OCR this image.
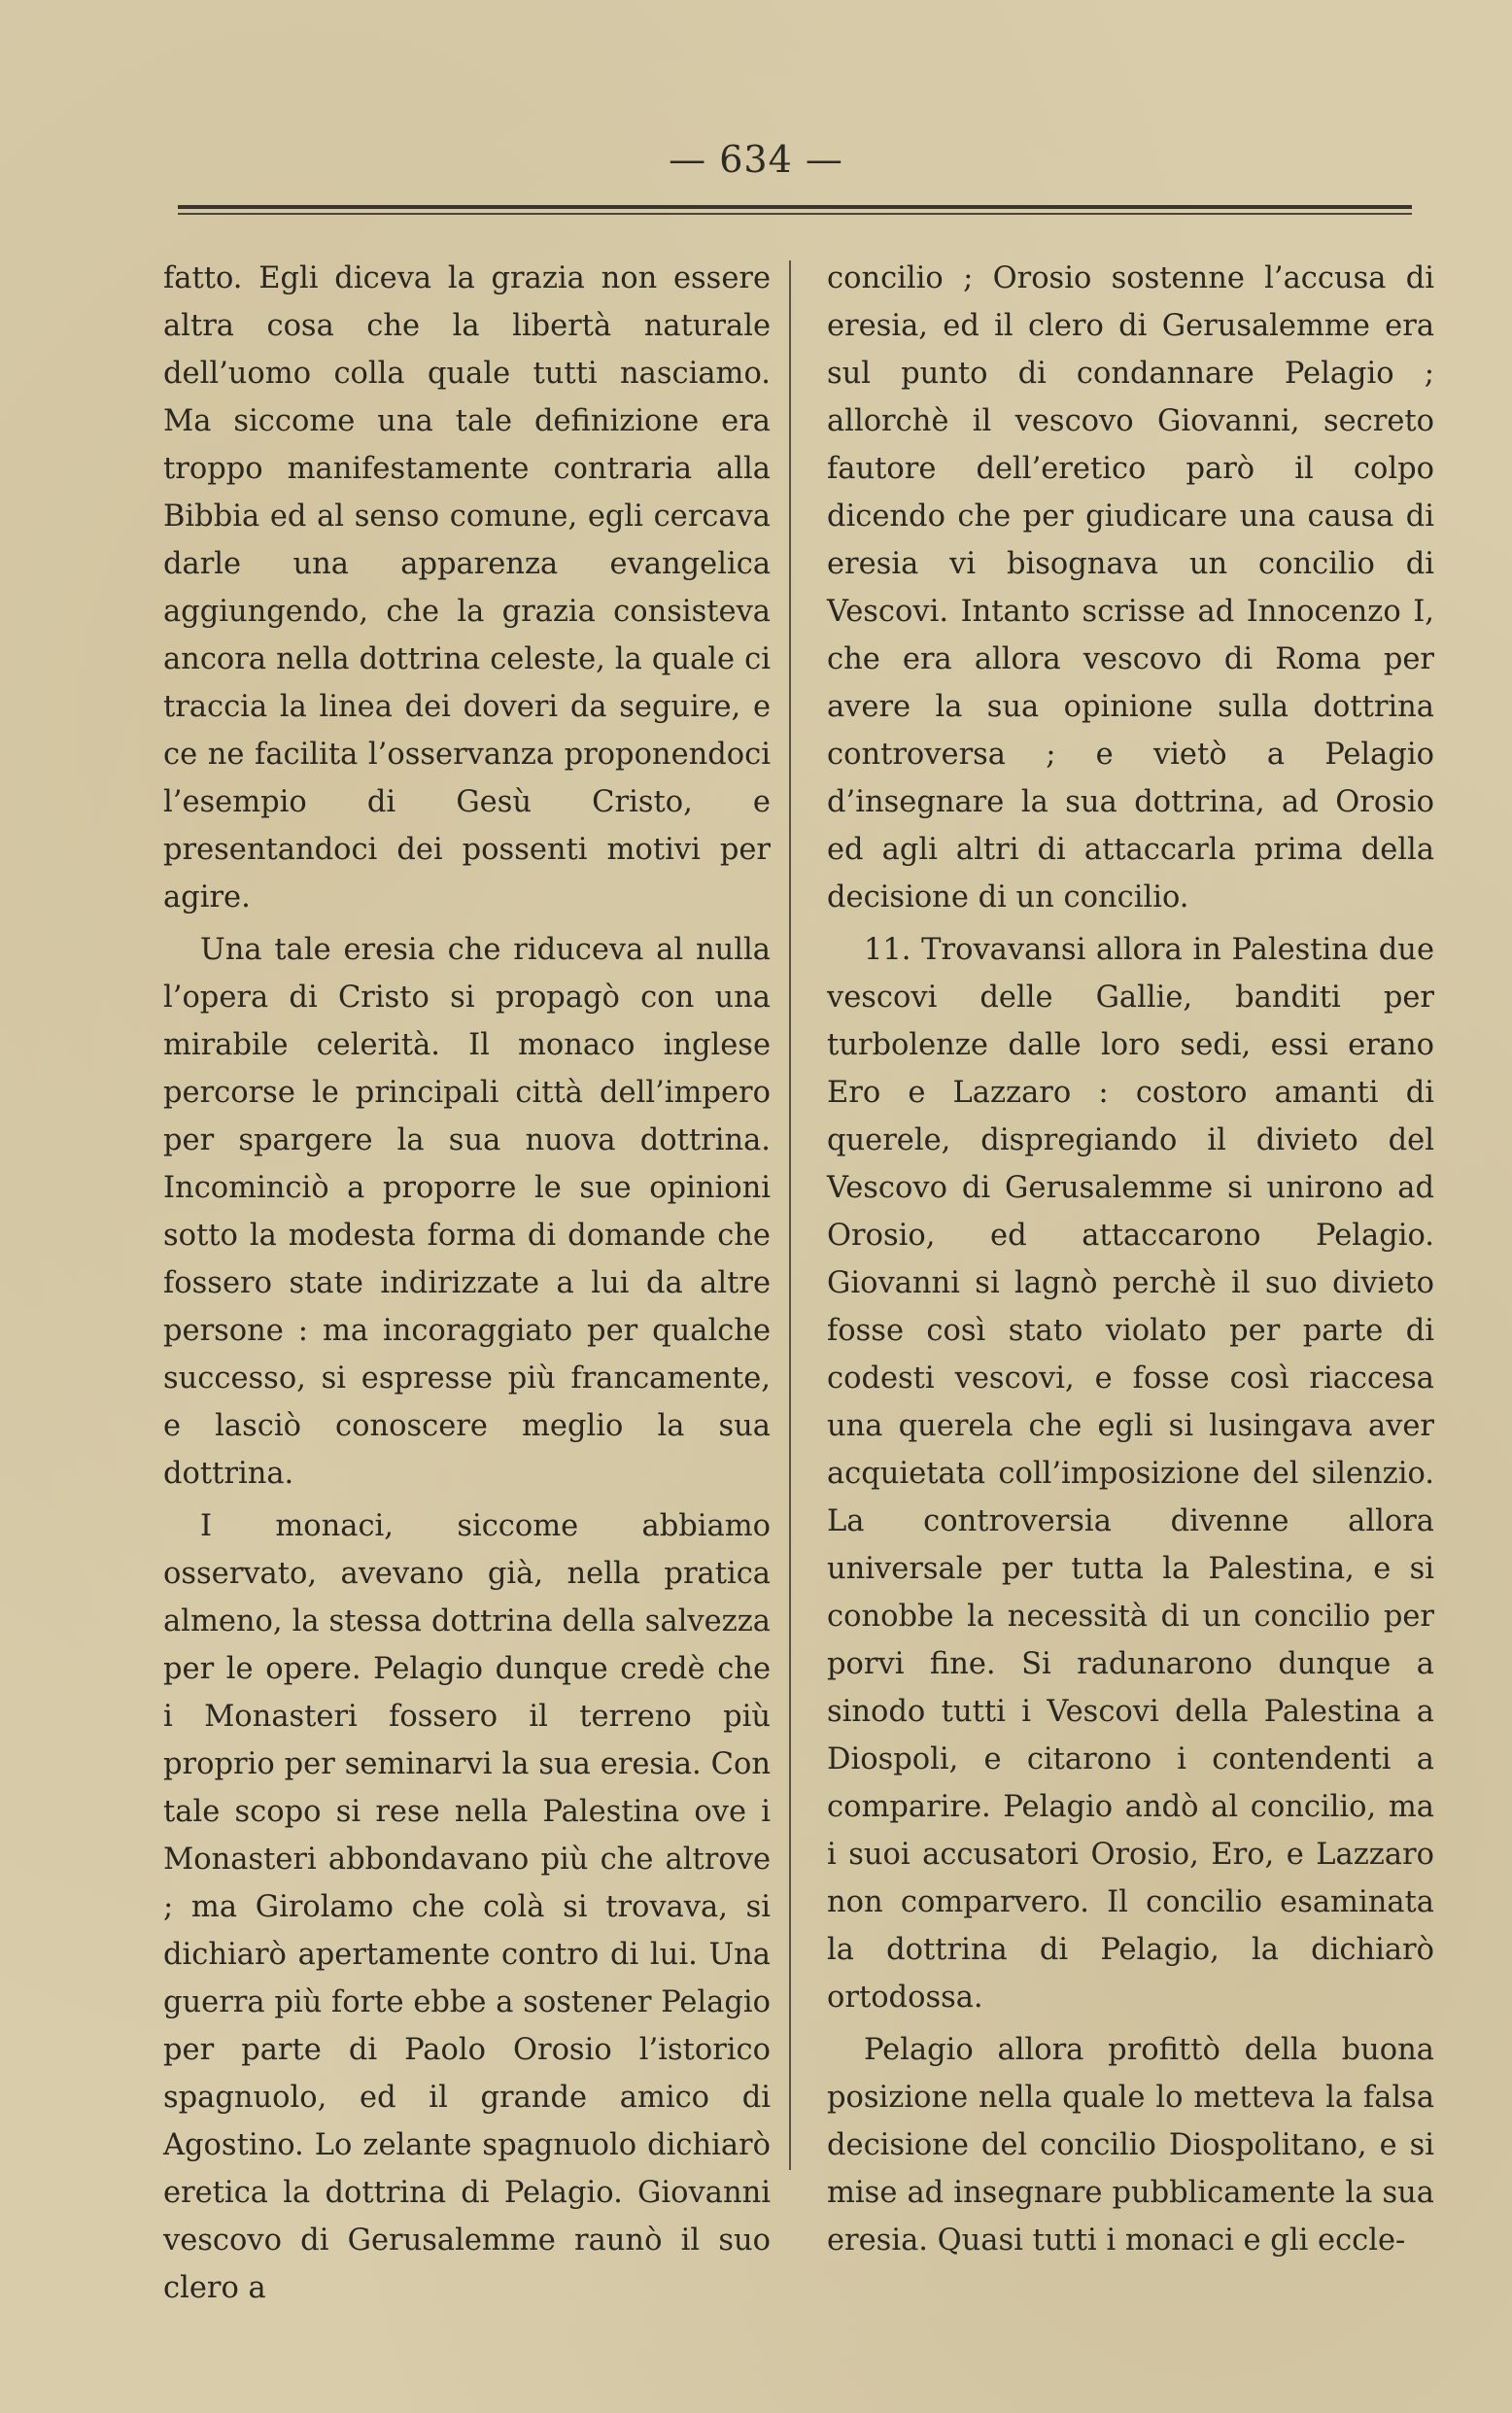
— 634 —

fatto. Egli diceva la grazia non essere altra cosa che la libertà naturale dell’uomo colla quale tutti nasciamo. Ma siccome una tale definizione era troppo manifestamente contraria alla Bibbia ed al senso comune, egli cercava darle una apparenza evangelica aggiungendo, che la grazia consisteva ancora nella dottrina celeste, la quale ci traccia la linea dei doveri da seguire, e ce ne facilita l’osservanza proponendoci l’esempio di Gesù Cristo, e presentandoci dei possenti motivi per agire.

Una tale eresia che riduceva al nulla l’opera di Cristo si propagò con una mirabile celerità. Il monaco inglese percorse le principali città dell’impero per spargere la sua nuova dottrina. Incominciò a proporre le sue opinioni sotto la modesta forma di domande che fossero state indirizzate a lui da altre persone : ma incoraggiato per qualche successo, si espresse più francamente, e lasciò conoscere meglio la sua dottrina.

I monaci, siccome abbiamo osservato, avevano già, nella pratica almeno, la stessa dottrina della salvezza per le opere. Pelagio dunque credè che i Monasteri fossero il terreno più proprio per seminarvi la sua eresia. Con tale scopo si rese nella Palestina ove i Monasteri abbondavano più che altrove ; ma Girolamo che colà si trovava, si dichiarò apertamente contro di lui. Una guerra più forte ebbe a sostener Pelagio per parte di Paolo Orosio l’istorico spagnuolo, ed il grande amico di Agostino. Lo zelante spagnuolo dichiarò eretica la dottrina di Pelagio. Giovanni vescovo di Gerusalemme raunò il suo clero a

concilio ; Orosio sostenne l’accusa di eresia, ed il clero di Gerusalemme era sul punto di condannare Pelagio ; allorchè il vescovo Giovanni, secreto fautore dell’eretico parò il colpo dicendo che per giudicare una causa di eresia vi bisognava un concilio di Vescovi. Intanto scrisse ad Innocenzo I, che era allora vescovo di Roma per avere la sua opinione sulla dottrina controversa ; e vietò a Pelagio d’insegnare la sua dottrina, ad Orosio ed agli altri di attaccarla prima della decisione di un concilio.

11. Trovavansi allora in Palestina due vescovi delle Gallie, banditi per turbolenze dalle loro sedi, essi erano Ero e Lazzaro : costoro amanti di querele, dispregiando il divieto del Vescovo di Gerusalemme si unirono ad Orosio, ed attaccarono Pelagio. Giovanni si lagnò perchè il suo divieto fosse così stato violato per parte di codesti vescovi, e fosse così riaccesa una querela che egli si lusingava aver acquietata coll’imposizione del silenzio. La controversia divenne allora universale per tutta la Palestina, e si conobbe la necessità di un concilio per porvi fine. Si radunarono dunque a sinodo tutti i Vescovi della Palestina a Diospoli, e citarono i contendenti a comparire. Pelagio andò al concilio, ma i suoi accusatori Orosio, Ero, e Lazzaro non comparvero. Il concilio esaminata la dottrina di Pelagio, la dichiarò ortodossa.

Pelagio allora profittò della buona posizione nella quale lo metteva la falsa decisione del concilio Diospolitano, e si mise ad insegnare pubblicamente la sua eresia. Quasi tutti i monaci e gli eccle-
